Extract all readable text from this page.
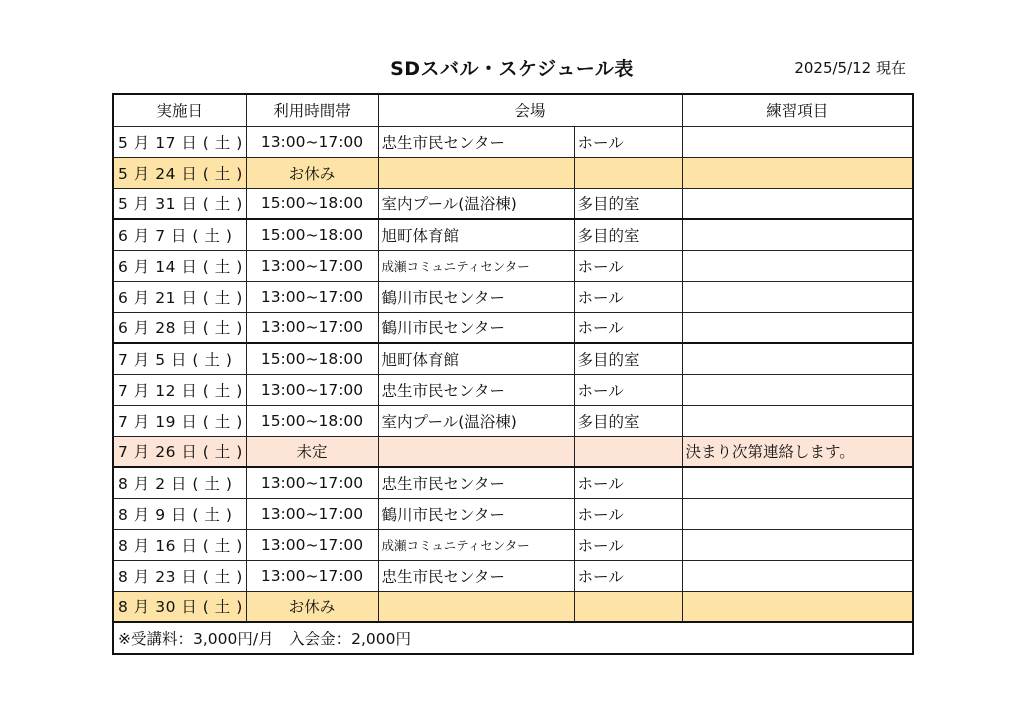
SDスバル・スケジュール表	2025/5/12 現在
実施日	利用時間帯	会場		練習項目
5 月 17 日 ( 土 )	13:00~17:00	忠生市民センター	ホール	
5 月 24 日 ( 土 )	お休み			
5 月 31 日 ( 土 )	15:00~18:00	室内プール(温浴棟)	多目的室	
6 月 7 日 ( 土 )	15:00~18:00	旭町体育館	多目的室	
6 月 14 日 ( 土 )	13:00~17:00	成瀬コミュニティセンター	ホール	
6 月 21 日 ( 土 )	13:00~17:00	鶴川市民センター	ホール	
6 月 28 日 ( 土 )	13:00~17:00	鶴川市民センター	ホール	
7 月 5 日 ( 土 )	15:00~18:00	旭町体育館	多目的室	
7 月 12 日 ( 土 )	13:00~17:00	忠生市民センター	ホール	
7 月 19 日 ( 土 )	15:00~18:00	室内プール(温浴棟)	多目的室	
7 月 26 日 ( 土 )	未定			決まり次第連絡します。
8 月 2 日 ( 土 )	13:00~17:00	忠生市民センター	ホール	
8 月 9 日 ( 土 )	13:00~17:00	鶴川市民センター	ホール	
8 月 16 日 ( 土 )	13:00~17:00	成瀬コミュニティセンター	ホール	
8 月 23 日 ( 土 )	13:00~17:00	忠生市民センター	ホール	
8 月 30 日 ( 土 )	お休み			
※受講料：3,000円/月　入会金：2,000円				
